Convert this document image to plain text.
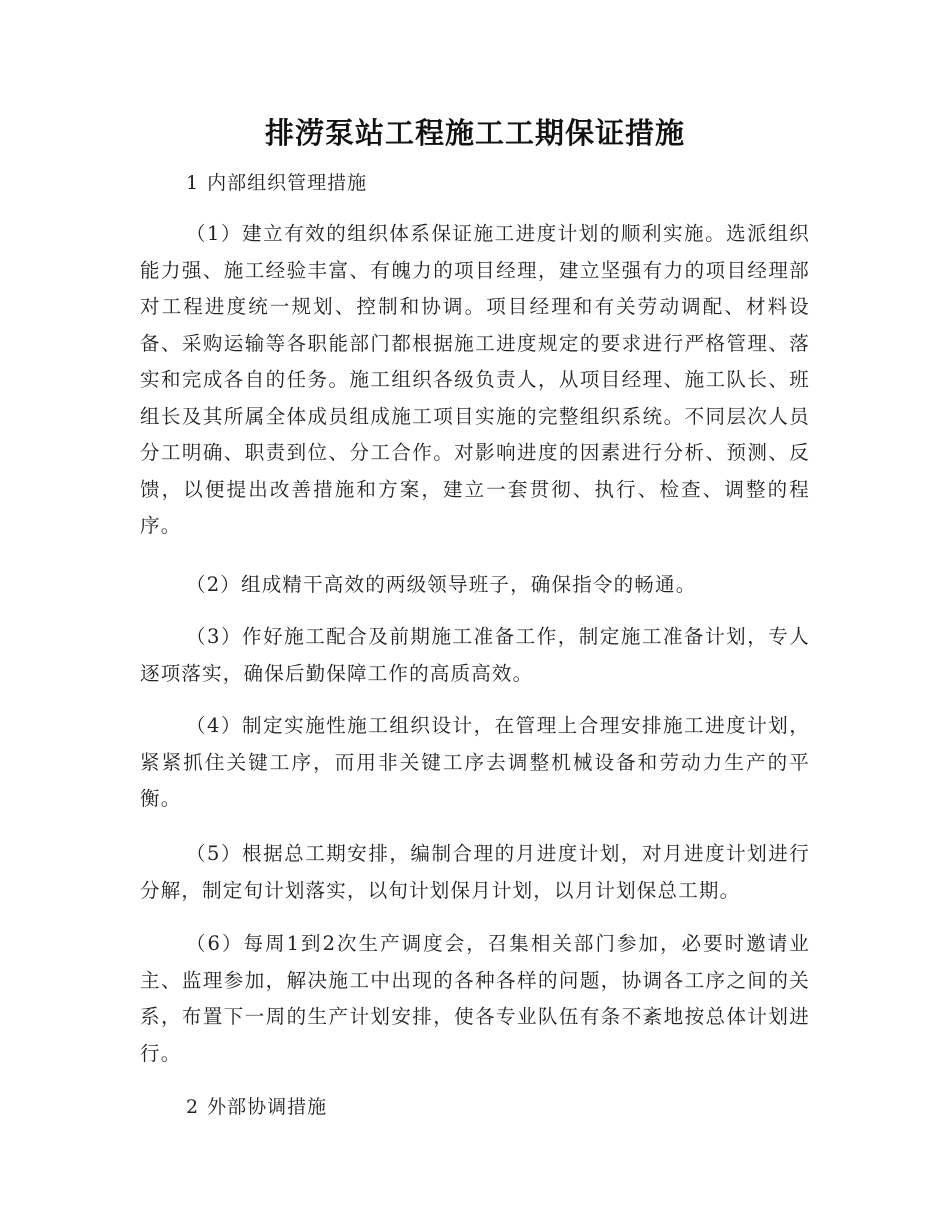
排涝泵站工程施工工期保证措施
1 内部组织管理措施

（1）建立有效的组织体系保证施工进度计划的顺利实施。选派组织能力强、施工经验丰富、有魄力的项目经理，建立坚强有力的项目经理部对工程进度统一规划、控制和协调。项目经理和有关劳动调配、材料设备、采购运输等各职能部门都根据施工进度规定的要求进行严格管理、落实和完成各自的任务。施工组织各级负责人，从项目经理、施工队长、班组长及其所属全体成员组成施工项目实施的完整组织系统。不同层次人员分工明确、职责到位、分工合作。对影响进度的因素进行分析、预测、反馈，以便提出改善措施和方案，建立一套贯彻、执行、检查、调整的程序。

（2）组成精干高效的两级领导班子，确保指令的畅通。

（3）作好施工配合及前期施工准备工作，制定施工准备计划，专人逐项落实，确保后勤保障工作的高质高效。

（4）制定实施性施工组织设计，在管理上合理安排施工进度计划，紧紧抓住关键工序，而用非关键工序去调整机械设备和劳动力生产的平衡。

（5）根据总工期安排，编制合理的月进度计划，对月进度计划进行分解，制定旬计划落实，以旬计划保月计划，以月计划保总工期。

（6）每周1到2次生产调度会，召集相关部门参加，必要时邀请业主、监理参加，解决施工中出现的各种各样的问题，协调各工序之间的关系，布置下一周的生产计划安排，使各专业队伍有条不紊地按总体计划进行。

2 外部协调措施
